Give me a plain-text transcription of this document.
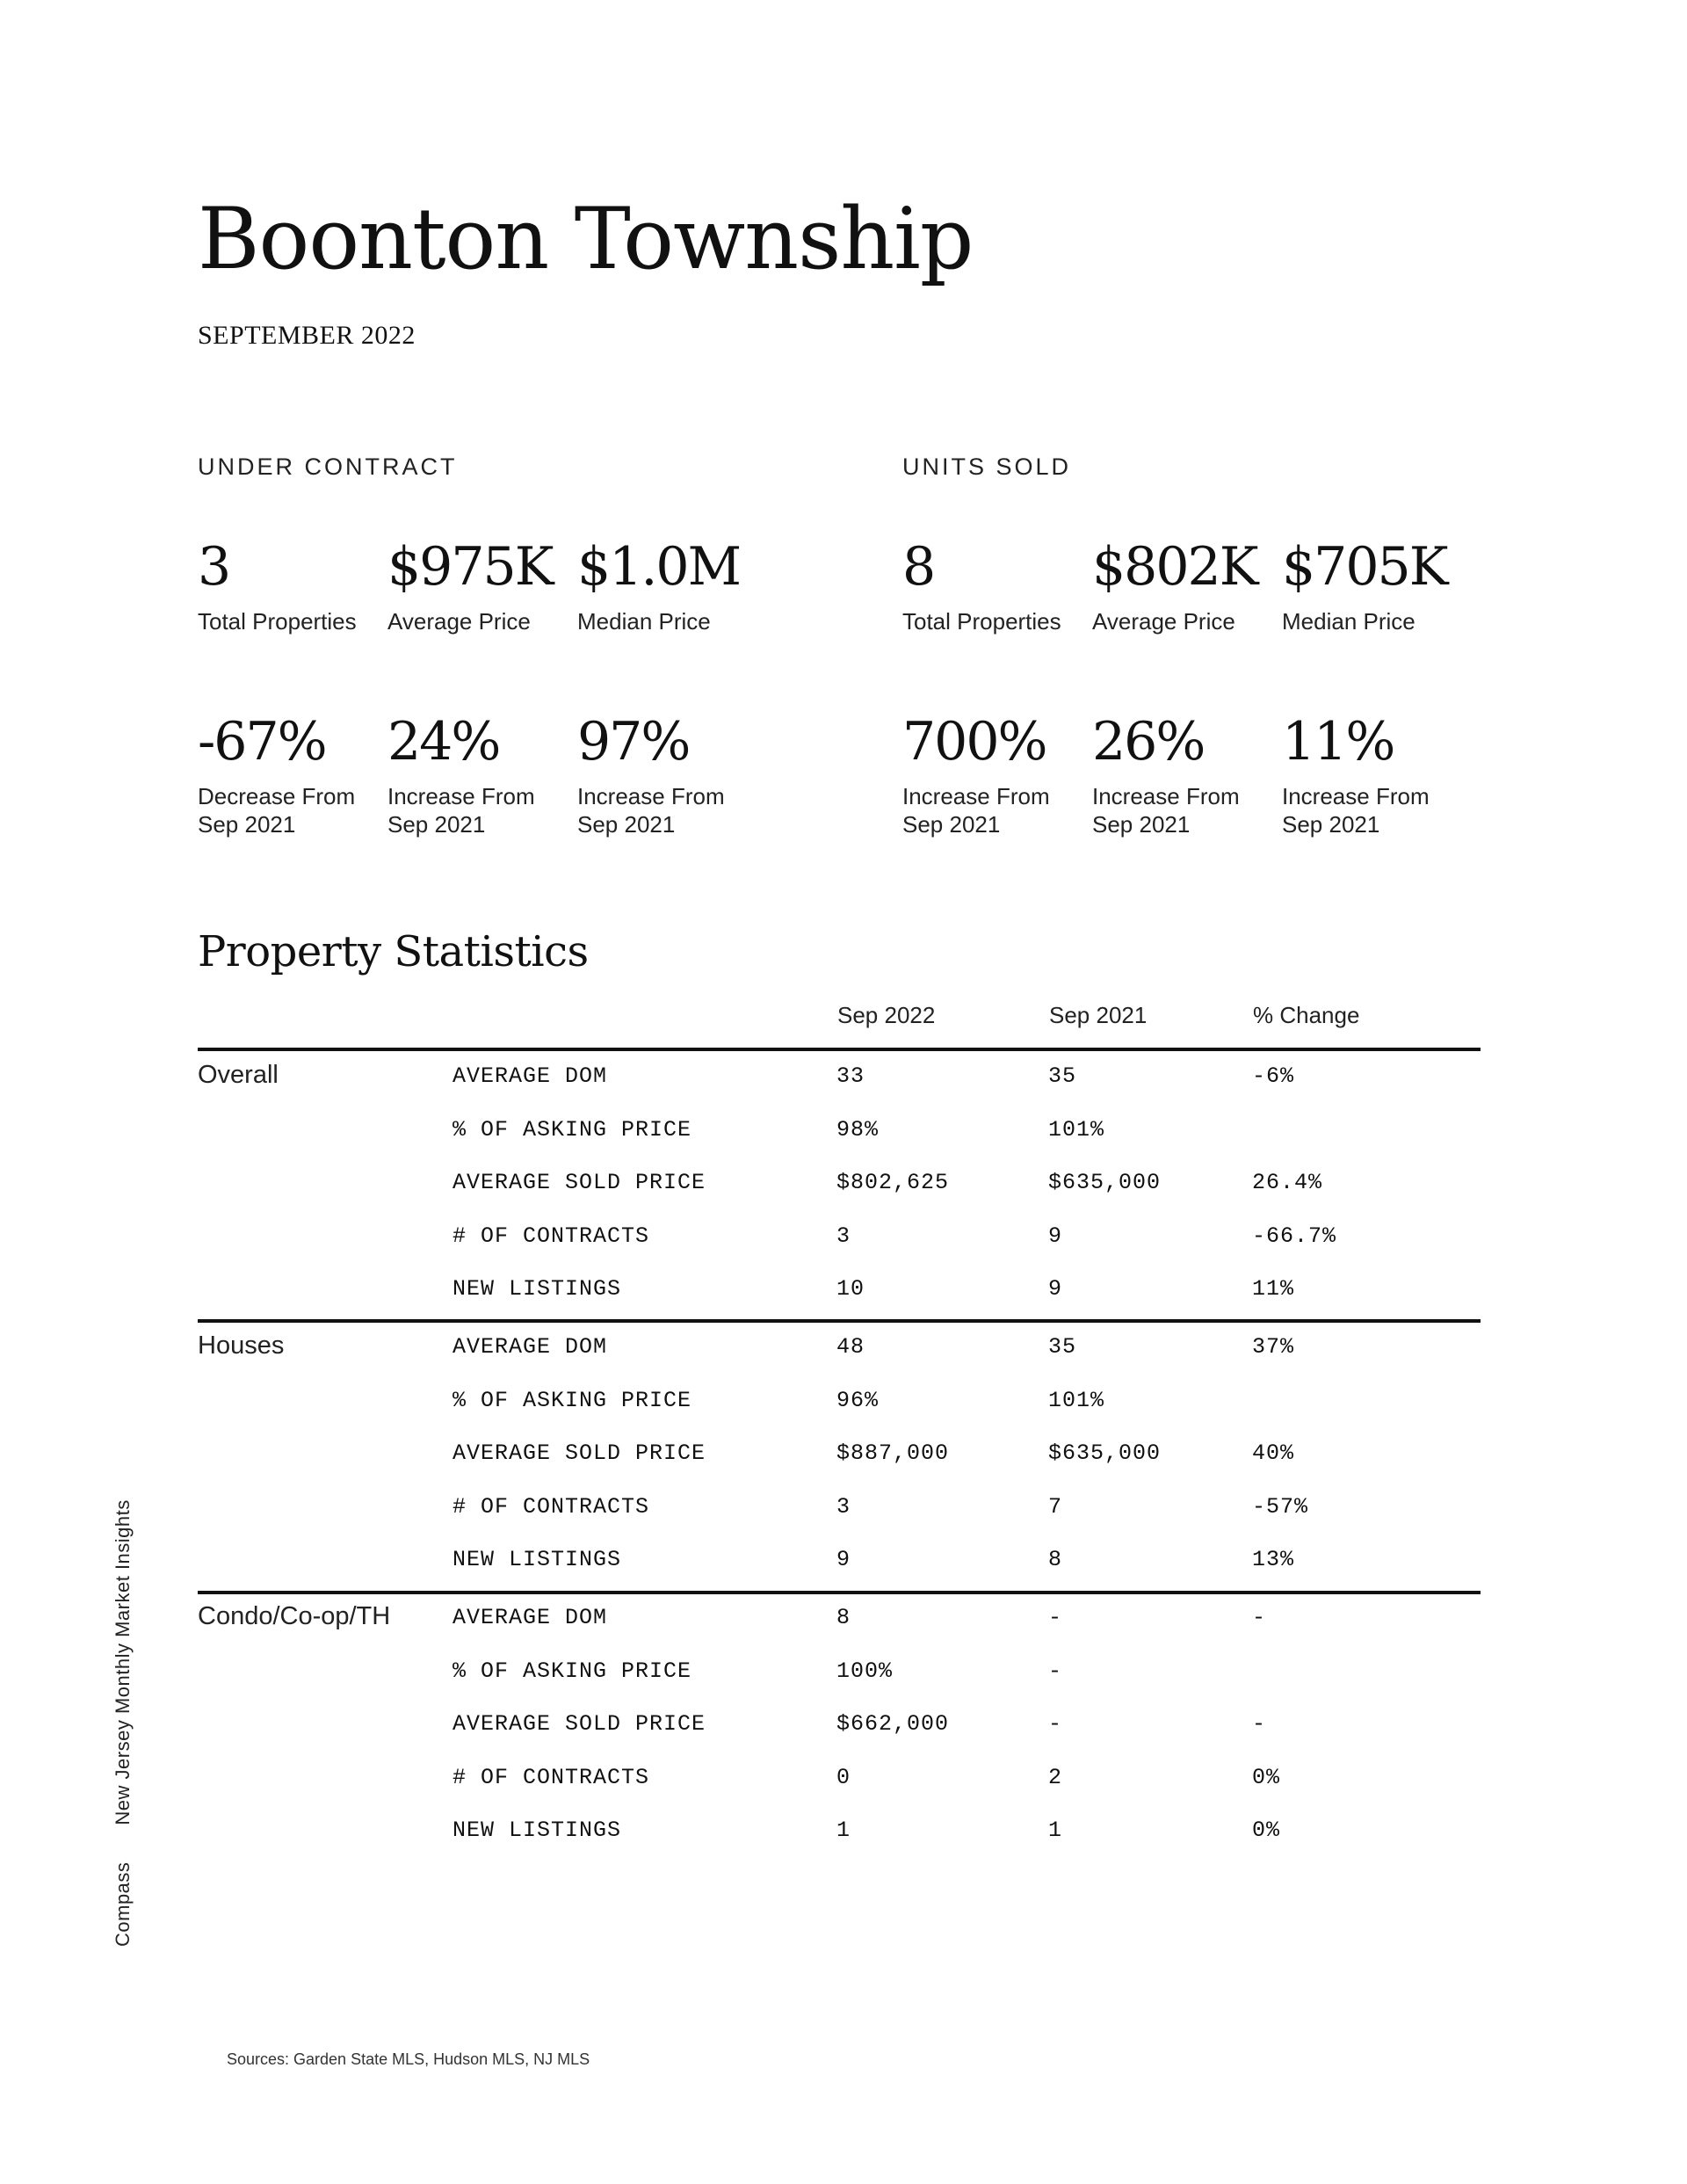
Boonton Township
SEPTEMBER 2022
UNDER CONTRACT	UNITS SOLD
3
Total Properties
$975K
Average Price
$1.0M
Median Price
-67%
Decrease From Sep 2021
24%
Increase From Sep 2021
97%
Increase From Sep 2021
8
Total Properties
$802K
Average Price
$705K
Median Price
700%
Increase From Sep 2021
26%
Increase From Sep 2021
11%
Increase From Sep 2021
Property Statistics
Sep 2022	Sep 2021	% Change
Overall	AVERAGE DOM	33	35	-6%
% OF ASKING PRICE	98%	101%
AVERAGE SOLD PRICE	$802,625	$635,000	26.4%
# OF CONTRACTS	3	9	-66.7%
NEW LISTINGS	10	9	11%
Houses	AVERAGE DOM	48	35	37%
% OF ASKING PRICE	96%	101%
AVERAGE SOLD PRICE	$887,000	$635,000	40%
# OF CONTRACTS	3	7	-57%
NEW LISTINGS	9	8	13%
Condo/Co-op/TH	AVERAGE DOM	8	-	-
% OF ASKING PRICE	100%	-
AVERAGE SOLD PRICE	$662,000	-	-
# OF CONTRACTS	0	2	0%
NEW LISTINGS	1	1	0%
CompassNew Jersey Monthly Market Insights
Sources: Garden State MLS, Hudson MLS, NJ MLS
